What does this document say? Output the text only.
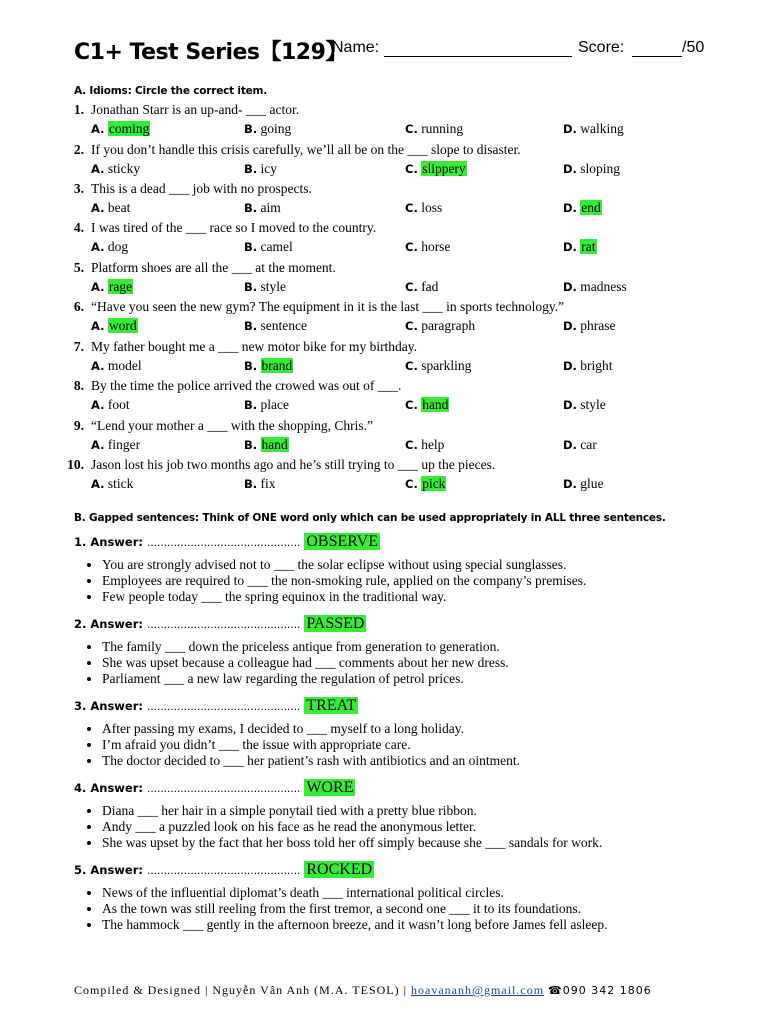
C1+ Test Series【129】
Name:	Score:	/50
A. Idioms: Circle the correct item.
1. Jonathan Starr is an up-and- ___ actor.
A. coming	B. going	C. running	D. walking
2. If you don’t handle this crisis carefully, we’ll all be on the ___ slope to disaster.
A. sticky	B. icy	C. slippery	D. sloping
3. This is a dead ___ job with no prospects.
A. beat	B. aim	C. loss	D. end
4. I was tired of the ___ race so I moved to the country.
A. dog	B. camel	C. horse	D. rat
5. Platform shoes are all the ___ at the moment.
A. rage	B. style	C. fad	D. madness
6. “Have you seen the new gym? The equipment in it is the last ___ in sports technology.”
A. word	B. sentence	C. paragraph	D. phrase
7. My father bought me a ___ new motor bike for my birthday.
A. model	B. brand	C. sparkling	D. bright
8. By the time the police arrived the crowed was out of ___.
A. foot	B. place	C. hand	D. style
9. “Lend your mother a ___ with the shopping, Chris.”
A. finger	B. hand	C. help	D. car
10. Jason lost his job two months ago and he’s still trying to ___ up the pieces.
A. stick	B. fix	C. pick	D. glue
B. Gapped sentences: Think of ONE word only which can be used appropriately in ALL three sentences.
1. Answer: .............................................. OBSERVE
• You are strongly advised not to ___ the solar eclipse without using special sunglasses.
• Employees are required to ___ the non-smoking rule, applied on the company’s premises.
• Few people today ___ the spring equinox in the traditional way.
2. Answer: .............................................. PASSED
• The family ___ down the priceless antique from generation to generation.
• She was upset because a colleague had ___ comments about her new dress.
• Parliament ___ a new law regarding the regulation of petrol prices.
3. Answer: .............................................. TREAT
• After passing my exams, I decided to ___ myself to a long holiday.
• I’m afraid you didn’t ___ the issue with appropriate care.
• The doctor decided to ___ her patient’s rash with antibiotics and an ointment.
4. Answer: .............................................. WORE
• Diana ___ her hair in a simple ponytail tied with a pretty blue ribbon.
• Andy ___ a puzzled look on his face as he read the anonymous letter.
• She was upset by the fact that her boss told her off simply because she ___ sandals for work.
5. Answer: .............................................. ROCKED
• News of the influential diplomat’s death ___ international political circles.
• As the town was still reeling from the first tremor, a second one ___ it to its foundations.
• The hammock ___ gently in the afternoon breeze, and it wasn’t long before James fell asleep.
Compiled & Designed | Nguyễn Vân Anh (M.A. TESOL) | hoavananh@gmail.com ☎090 342 1806
